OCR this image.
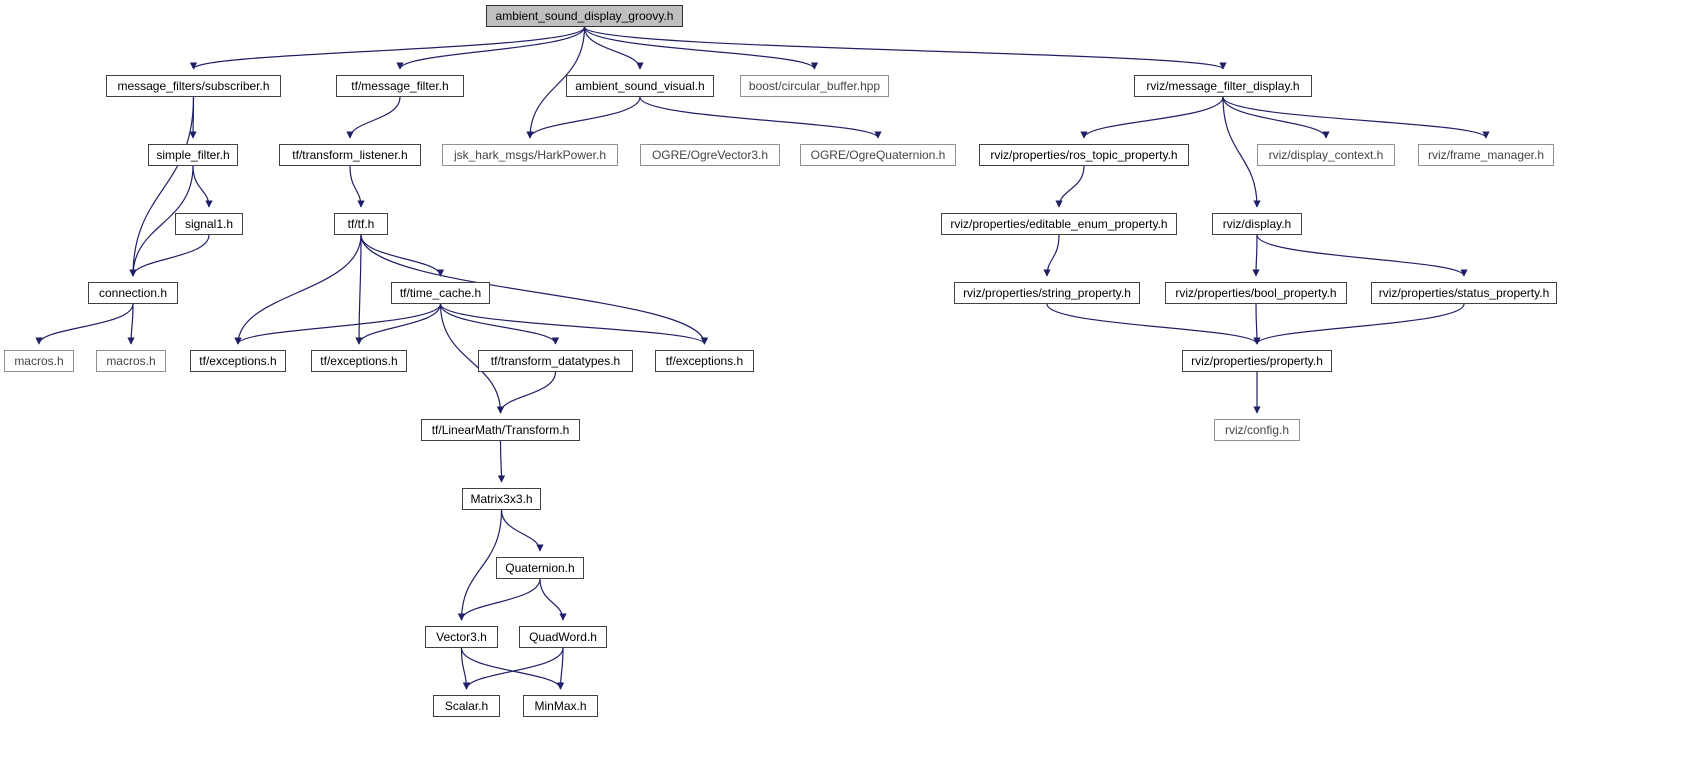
ambient_sound_display_groovy.h
message_filters/subscriber.h	tf/message_filter.h	ambient_sound_visual.h	boost/circular_buffer.hpp	rviz/message_filter_display.h
simple_filter.h	tf/transform_listener.h	jsk_hark_msgs/HarkPower.h	OGRE/OgreVector3.h	OGRE/OgreQuaternion.h	rviz/properties/ros_topic_property.h	rviz/display_context.h	rviz/frame_manager.h
signal1.h	tf/tf.h	rviz/properties/editable_enum_property.h	rviz/display.h
connection.h	tf/time_cache.h	rviz/properties/string_property.h	rviz/properties/bool_property.h	rviz/properties/status_property.h
macros.h	macros.h	tf/exceptions.h	tf/exceptions.h	tf/transform_datatypes.h	tf/exceptions.h	rviz/properties/property.h
tf/LinearMath/Transform.h	rviz/config.h
Matrix3x3.h
Quaternion.h
Vector3.h	QuadWord.h
Scalar.h	MinMax.h
